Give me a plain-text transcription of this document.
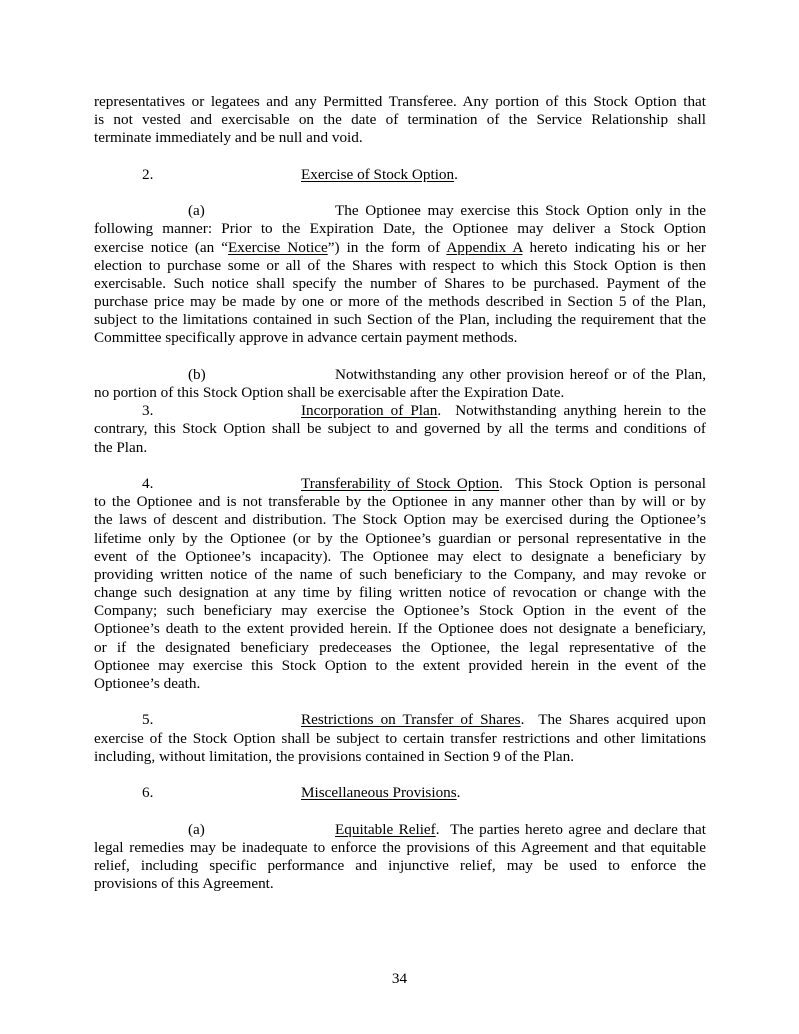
representatives or legatees and any Permitted Transferee. Any portion of this Stock Option that
is not vested and exercisable on the date of termination of the Service Relationship shall
terminate immediately and be null and void.
2.	Exercise of Stock Option.
(a)	The Optionee may exercise this Stock Option only in the
following manner: Prior to the Expiration Date, the Optionee may deliver a Stock Option
exercise notice (an “Exercise Notice”) in the form of Appendix A hereto indicating his or her
election to purchase some or all of the Shares with respect to which this Stock Option is then
exercisable. Such notice shall specify the number of Shares to be purchased. Payment of the
purchase price may be made by one or more of the methods described in Section 5 of the Plan,
subject to the limitations contained in such Section of the Plan, including the requirement that the
Committee specifically approve in advance certain payment methods.
(b)	Notwithstanding any other provision hereof or of the Plan,
no portion of this Stock Option shall be exercisable after the Expiration Date.
3.	Incorporation of Plan.  Notwithstanding anything herein to the
contrary, this Stock Option shall be subject to and governed by all the terms and conditions of
the Plan.
4.	Transferability of Stock Option.  This Stock Option is personal
to the Optionee and is not transferable by the Optionee in any manner other than by will or by
the laws of descent and distribution. The Stock Option may be exercised during the Optionee’s
lifetime only by the Optionee (or by the Optionee’s guardian or personal representative in the
event of the Optionee’s incapacity). The Optionee may elect to designate a beneficiary by
providing written notice of the name of such beneficiary to the Company, and may revoke or
change such designation at any time by filing written notice of revocation or change with the
Company; such beneficiary may exercise the Optionee’s Stock Option in the event of the
Optionee’s death to the extent provided herein. If the Optionee does not designate a beneficiary,
or if the designated beneficiary predeceases the Optionee, the legal representative of the
Optionee may exercise this Stock Option to the extent provided herein in the event of the
Optionee’s death.
5.	Restrictions on Transfer of Shares.  The Shares acquired upon
exercise of the Stock Option shall be subject to certain transfer restrictions and other limitations
including, without limitation, the provisions contained in Section 9 of the Plan.
6.	Miscellaneous Provisions.
(a)	Equitable Relief.  The parties hereto agree and declare that
legal remedies may be inadequate to enforce the provisions of this Agreement and that equitable
relief, including specific performance and injunctive relief, may be used to enforce the
provisions of this Agreement.
34
